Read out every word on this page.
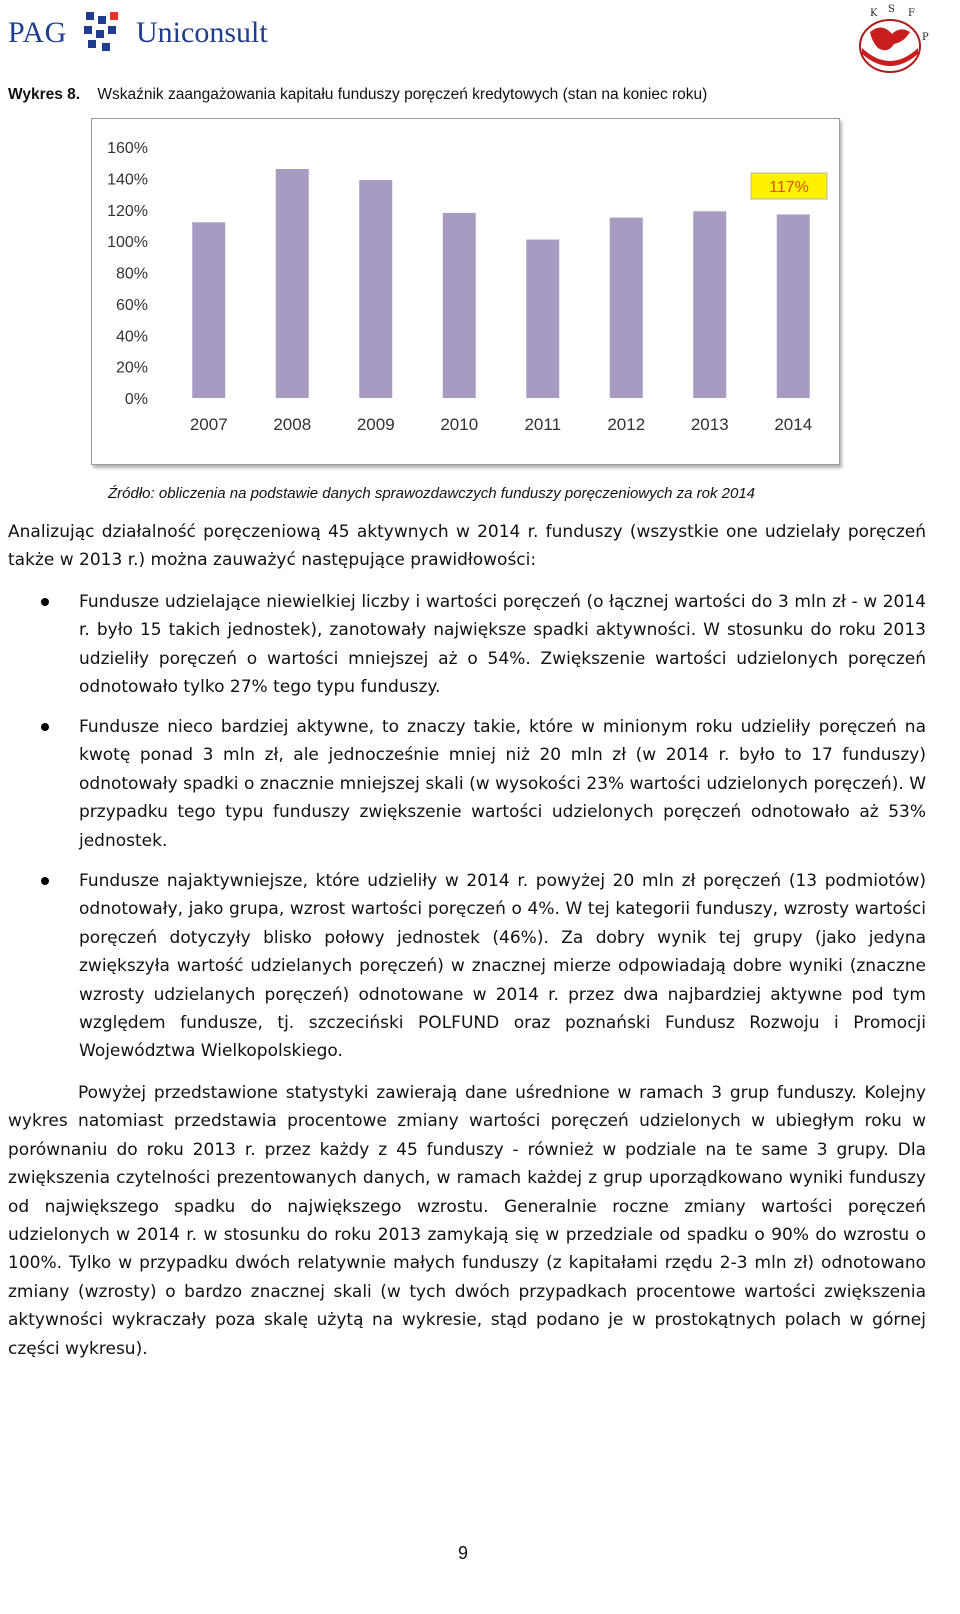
PAG Uniconsult
K S F
P
Wykres 8. Wskaźnik zaangażowania kapitału funduszy poręczeń kredytowych (stan na koniec roku)
160%
140%
120%
100%
80%
60%
40%
20%
0%
2007	2008	2009	2010	2011	2012	2013	2014
117%
Źródło: obliczenia na podstawie danych sprawozdawczych funduszy poręczeniowych za rok 2014

Analizując działalność poręczeniową 45 aktywnych w 2014 r. funduszy (wszystkie one udzielały poręczeń także w 2013 r.) można zauważyć następujące prawidłowości:

Fundusze udzielające niewielkiej liczby i wartości poręczeń (o łącznej wartości do 3 mln zł - w 2014 r. było 15 takich jednostek), zanotowały największe spadki aktywności. W stosunku do roku 2013 udzieliły poręczeń o wartości mniejszej aż o 54%. Zwiększenie wartości udzielonych poręczeń odnotowało tylko 27% tego typu funduszy.

Fundusze nieco bardziej aktywne, to znaczy takie, które w minionym roku udzieliły poręczeń na kwotę ponad 3 mln zł, ale jednocześnie mniej niż 20 mln zł (w 2014 r. było to 17 funduszy) odnotowały spadki o znacznie mniejszej skali (w wysokości 23% wartości udzielonych poręczeń). W przypadku tego typu funduszy zwiększenie wartości udzielonych poręczeń odnotowało aż 53% jednostek.

Fundusze najaktywniejsze, które udzieliły w 2014 r. powyżej 20 mln zł poręczeń (13 podmiotów) odnotowały, jako grupa, wzrost wartości poręczeń o 4%. W tej kategorii funduszy, wzrosty wartości poręczeń dotyczyły blisko połowy jednostek (46%). Za dobry wynik tej grupy (jako jedyna zwiększyła wartość udzielanych poręczeń) w znacznej mierze odpowiadają dobre wyniki (znaczne wzrosty udzielanych poręczeń) odnotowane w 2014 r. przez dwa najbardziej aktywne pod tym względem fundusze, tj. szczeciński POLFUND oraz poznański Fundusz Rozwoju i Promocji Województwa Wielkopolskiego.

Powyżej przedstawione statystyki zawierają dane uśrednione w ramach 3 grup funduszy. Kolejny wykres natomiast przedstawia procentowe zmiany wartości poręczeń udzielonych w ubiegłym roku w porównaniu do roku 2013 r. przez każdy z 45 funduszy - również w podziale na te same 3 grupy. Dla zwiększenia czytelności prezentowanych danych, w ramach każdej z grup uporządkowano wyniki funduszy od największego spadku do największego wzrostu. Generalnie roczne zmiany wartości poręczeń udzielonych w 2014 r. w stosunku do roku 2013 zamykają się w przedziale od spadku o 90% do wzrostu o 100%. Tylko w przypadku dwóch relatywnie małych funduszy (z kapitałami rzędu 2-3 mln zł) odnotowano zmiany (wzrosty) o bardzo znacznej skali (w tych dwóch przypadkach procentowe wartości zwiększenia aktywności wykraczały poza skalę użytą na wykresie, stąd podano je w prostokątnych polach w górnej części wykresu).

9
